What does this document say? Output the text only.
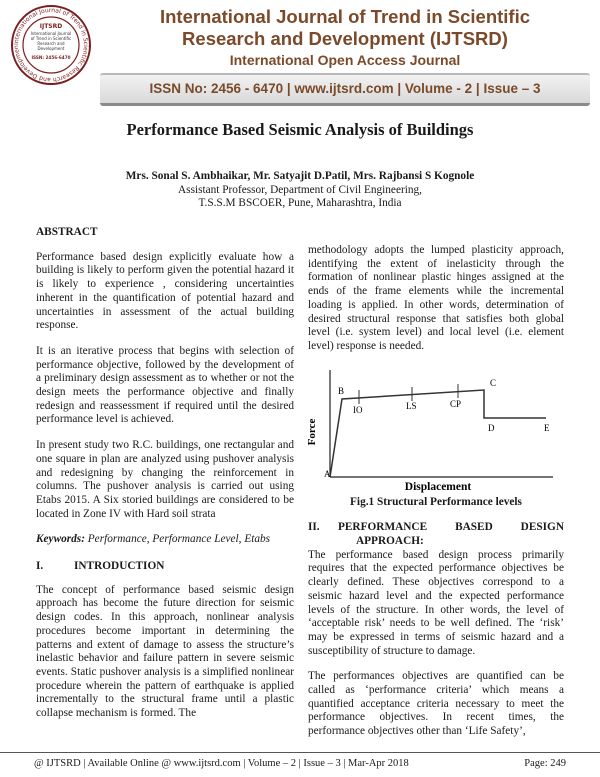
International Journal of Trend in Scientific Research and Developmen
IJTSRD
International Journal
of Trend in Scientific
Research and
Development
ISSN: 2456-6470
International Journal of Trend in Scientific
Research and Development (IJTSRD)
International Open Access Journal
ISSN No: 2456 - 6470 | www.ijtsrd.com | Volume - 2 | Issue – 3
Performance Based Seismic Analysis of Buildings
Mrs. Sonal S. Ambhaikar, Mr. Satyajit D.Patil, Mrs. Rajbansi S Kognole
Assistant Professor, Department of Civil Engineering,
T.S.S.M BSCOER, Pune, Maharashtra, India
ABSTRACT

Performance based design explicitly evaluate how a building is likely to perform given the potential hazard it is likely to experience , considering uncertainties inherent in the quantification of potential hazard and uncertainties in assessment of the actual building response.

It is an iterative process that begins with selection of performance objective, followed by the development of a preliminary design assessment as to whether or not the design meets the performance objective and finally redesign and reassessment if required until the desired performance level is achieved.

In present study two R.C. buildings, one rectangular and one square in plan are analyzed using pushover analysis and redesigning by changing the reinforcement in columns. The pushover analysis is carried out using Etabs 2015. A Six storied buildings are considered to be located in Zone IV with Hard soil strata

Keywords: Performance, Performance Level, Etabs

I.	INTRODUCTION

The concept of performance based seismic design approach has become the future direction for seismic design codes. In this approach, nonlinear analysis procedures become important in determining the patterns and extent of damage to assess the structure’s inelastic behavior and failure pattern in severe seismic events. Static pushover analysis is a simplified nonlinear procedure wherein the pattern of earthquake is applied incrementally to the structural frame until a plastic collapse mechanism is formed. The

methodology adopts the lumped plasticity approach, identifying the extent of inelasticity through the formation of nonlinear plastic hinges assigned at the ends of the frame elements while the incremental loading is applied. In other words, determination of desired structural response that satisfies both global level (i.e. system level) and local level (i.e. element level) response is needed.

Force
Displacement
A
B
C
D	E
IO	LS	CP
Fig.1 Structural Performance levels
II.	PERFORMANCE BASED DESIGN
APPROACH:

The performance based design process primarily requires that the expected performance objectives be clearly defined. These objectives correspond to a seismic hazard level and the expected performance levels of the structure. In other words, the level of ‘acceptable risk’ needs to be well defined. The ‘risk’ may be expressed in terms of seismic hazard and a susceptibility of structure to damage.

The performances objectives are quantified can be called as ‘performance criteria’ which means a quantified acceptance criteria necessary to meet the performance objectives. In recent times, the performance objectives other than ‘Life Safety’,

@ IJTSRD | Available Online @ www.ijtsrd.com | Volume – 2 | Issue – 3 | Mar-Apr 2018	Page: 249
